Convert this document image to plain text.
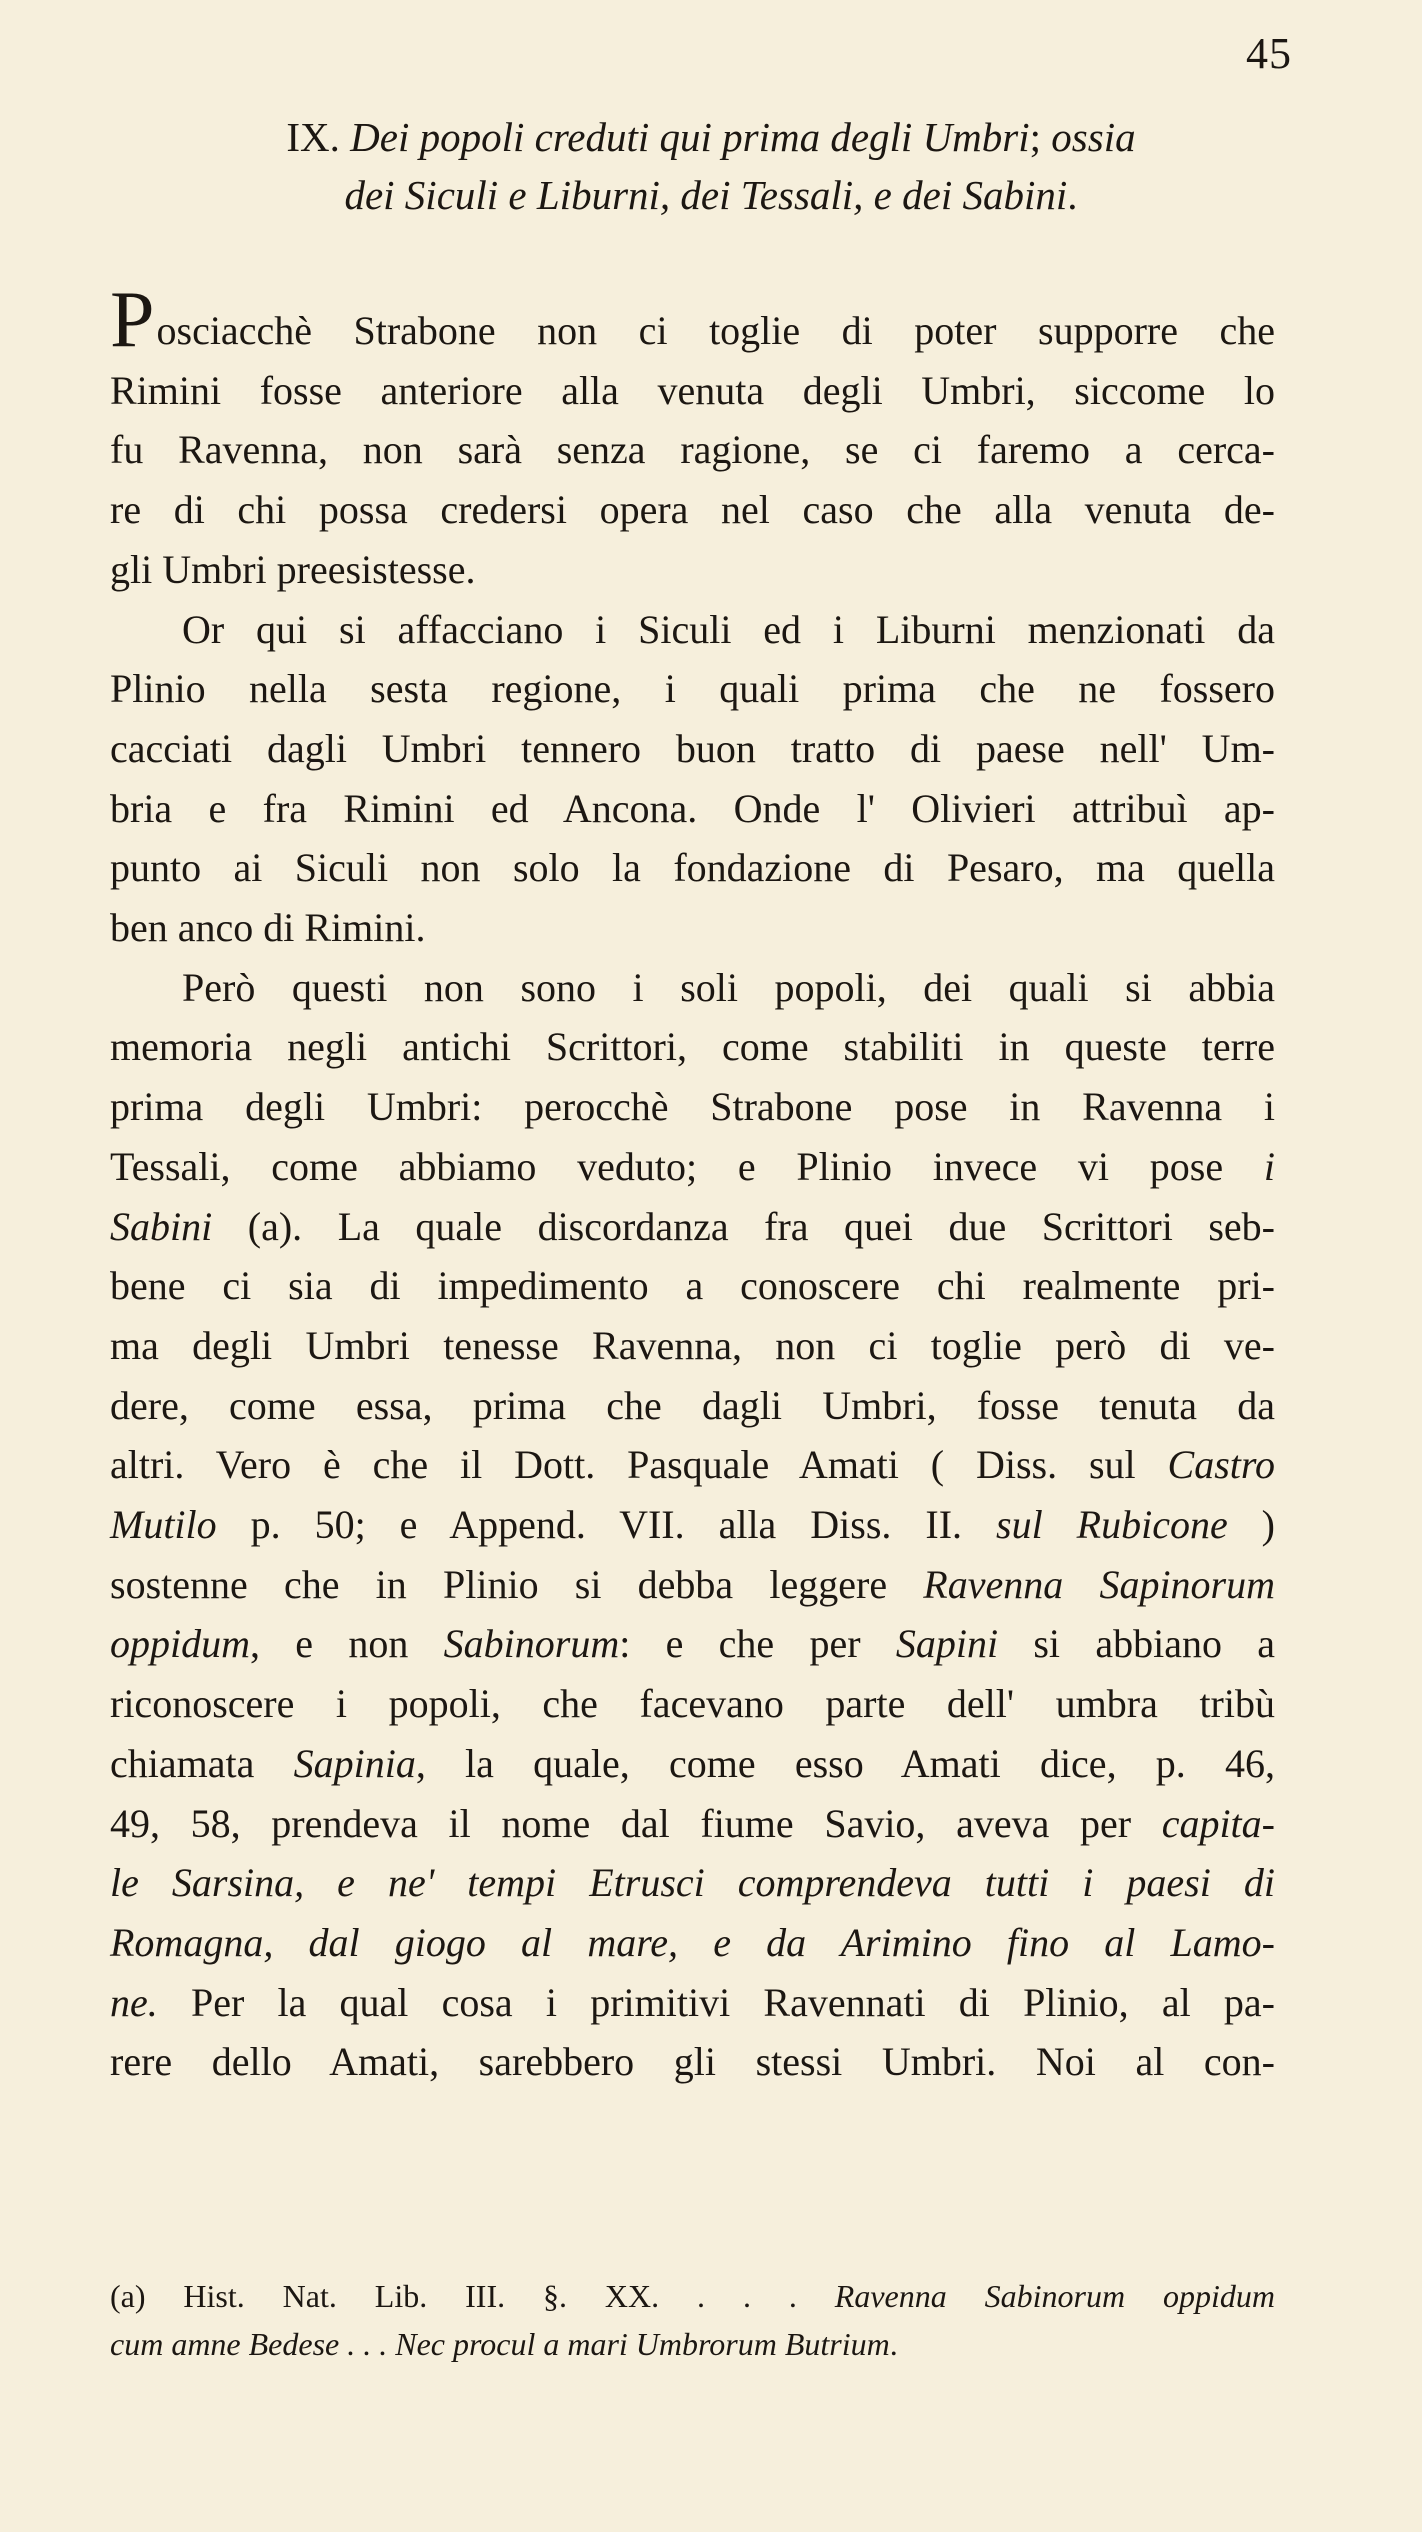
45
IX. Dei popoli creduti qui prima degli Umbri; ossia
dei Siculi e Liburni, dei Tessali, e dei Sabini.
Posciacchè Strabone non ci toglie di poter supporre che
Rimini fosse anteriore alla venuta degli Umbri, siccome lo
fu Ravenna, non sarà senza ragione, se ci faremo a cerca-
re di chi possa credersi opera nel caso che alla venuta de-
gli Umbri preesistesse.
Or qui si affacciano i Siculi ed i Liburni menzionati da
Plinio nella sesta regione, i quali prima che ne fossero
cacciati dagli Umbri tennero buon tratto di paese nell' Um-
bria e fra Rimini ed Ancona. Onde l' Olivieri attribuì ap-
punto ai Siculi non solo la fondazione di Pesaro, ma quella
ben anco di Rimini.
Però questi non sono i soli popoli, dei quali si abbia
memoria negli antichi Scrittori, come stabiliti in queste terre
prima degli Umbri: perocchè Strabone pose in Ravenna i
Tessali, come abbiamo veduto; e Plinio invece vi pose i
Sabini (a). La quale discordanza fra quei due Scrittori seb-
bene ci sia di impedimento a conoscere chi realmente pri-
ma degli Umbri tenesse Ravenna, non ci toglie però di ve-
dere, come essa, prima che dagli Umbri, fosse tenuta da
altri. Vero è che il Dott. Pasquale Amati ( Diss. sul Castro
Mutilo p. 50; e Append. VII. alla Diss. II. sul Rubicone )
sostenne che in Plinio si debba leggere Ravenna Sapinorum
oppidum, e non Sabinorum: e che per Sapini si abbiano a
riconoscere i popoli, che facevano parte dell' umbra tribù
chiamata Sapinia, la quale, come esso Amati dice, p. 46,
49, 58, prendeva il nome dal fiume Savio, aveva per capita-
le Sarsina, e ne' tempi Etrusci comprendeva tutti i paesi di
Romagna, dal giogo al mare, e da Arimino fino al Lamo-
ne. Per la qual cosa i primitivi Ravennati di Plinio, al pa-
rere dello Amati, sarebbero gli stessi Umbri. Noi al con-
(a) Hist. Nat. Lib. III. §. XX. . . . Ravenna Sabinorum oppidum
cum amne Bedese . . . Nec procul a mari Umbrorum Butrium.
